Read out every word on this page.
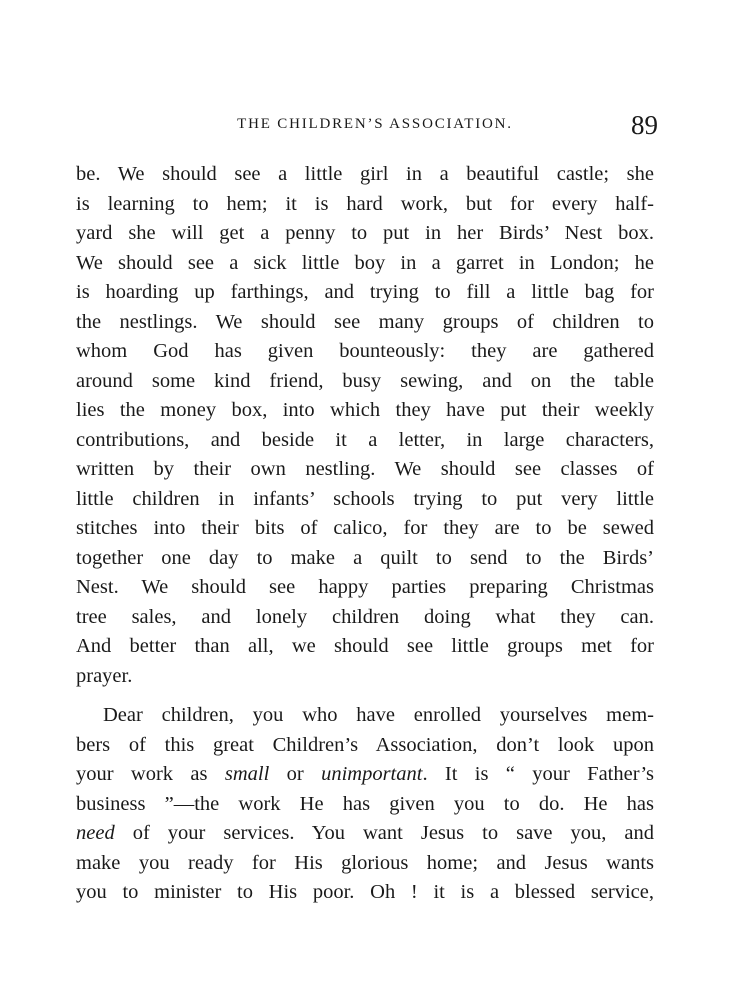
THE CHILDREN’S ASSOCIATION.	89
be. We should see a little girl in a beautiful castle; she
is learning to hem; it is hard work, but for every half-
yard she will get a penny to put in her Birds’ Nest box.
We should see a sick little boy in a garret in London; he
is hoarding up farthings, and trying to fill a little bag for
the nestlings. We should see many groups of children to
whom God has given bounteously: they are gathered
around some kind friend, busy sewing, and on the table
lies the money box, into which they have put their weekly
contributions, and beside it a letter, in large characters,
written by their own nestling. We should see classes of
little children in infants’ schools trying to put very little
stitches into their bits of calico, for they are to be sewed
together one day to make a quilt to send to the Birds’
Nest. We should see happy parties preparing Christmas
tree sales, and lonely children doing what they can.
And better than all, we should see little groups met for
prayer.
Dear children, you who have enrolled yourselves mem-
bers of this great Children’s Association, don’t look upon
your work as small or unimportant. It is “ your Father’s
business ”—the work He has given you to do. He has
need of your services. You want Jesus to save you, and
make you ready for His glorious home; and Jesus wants
you to minister to His poor. Oh ! it is a blessed service,
